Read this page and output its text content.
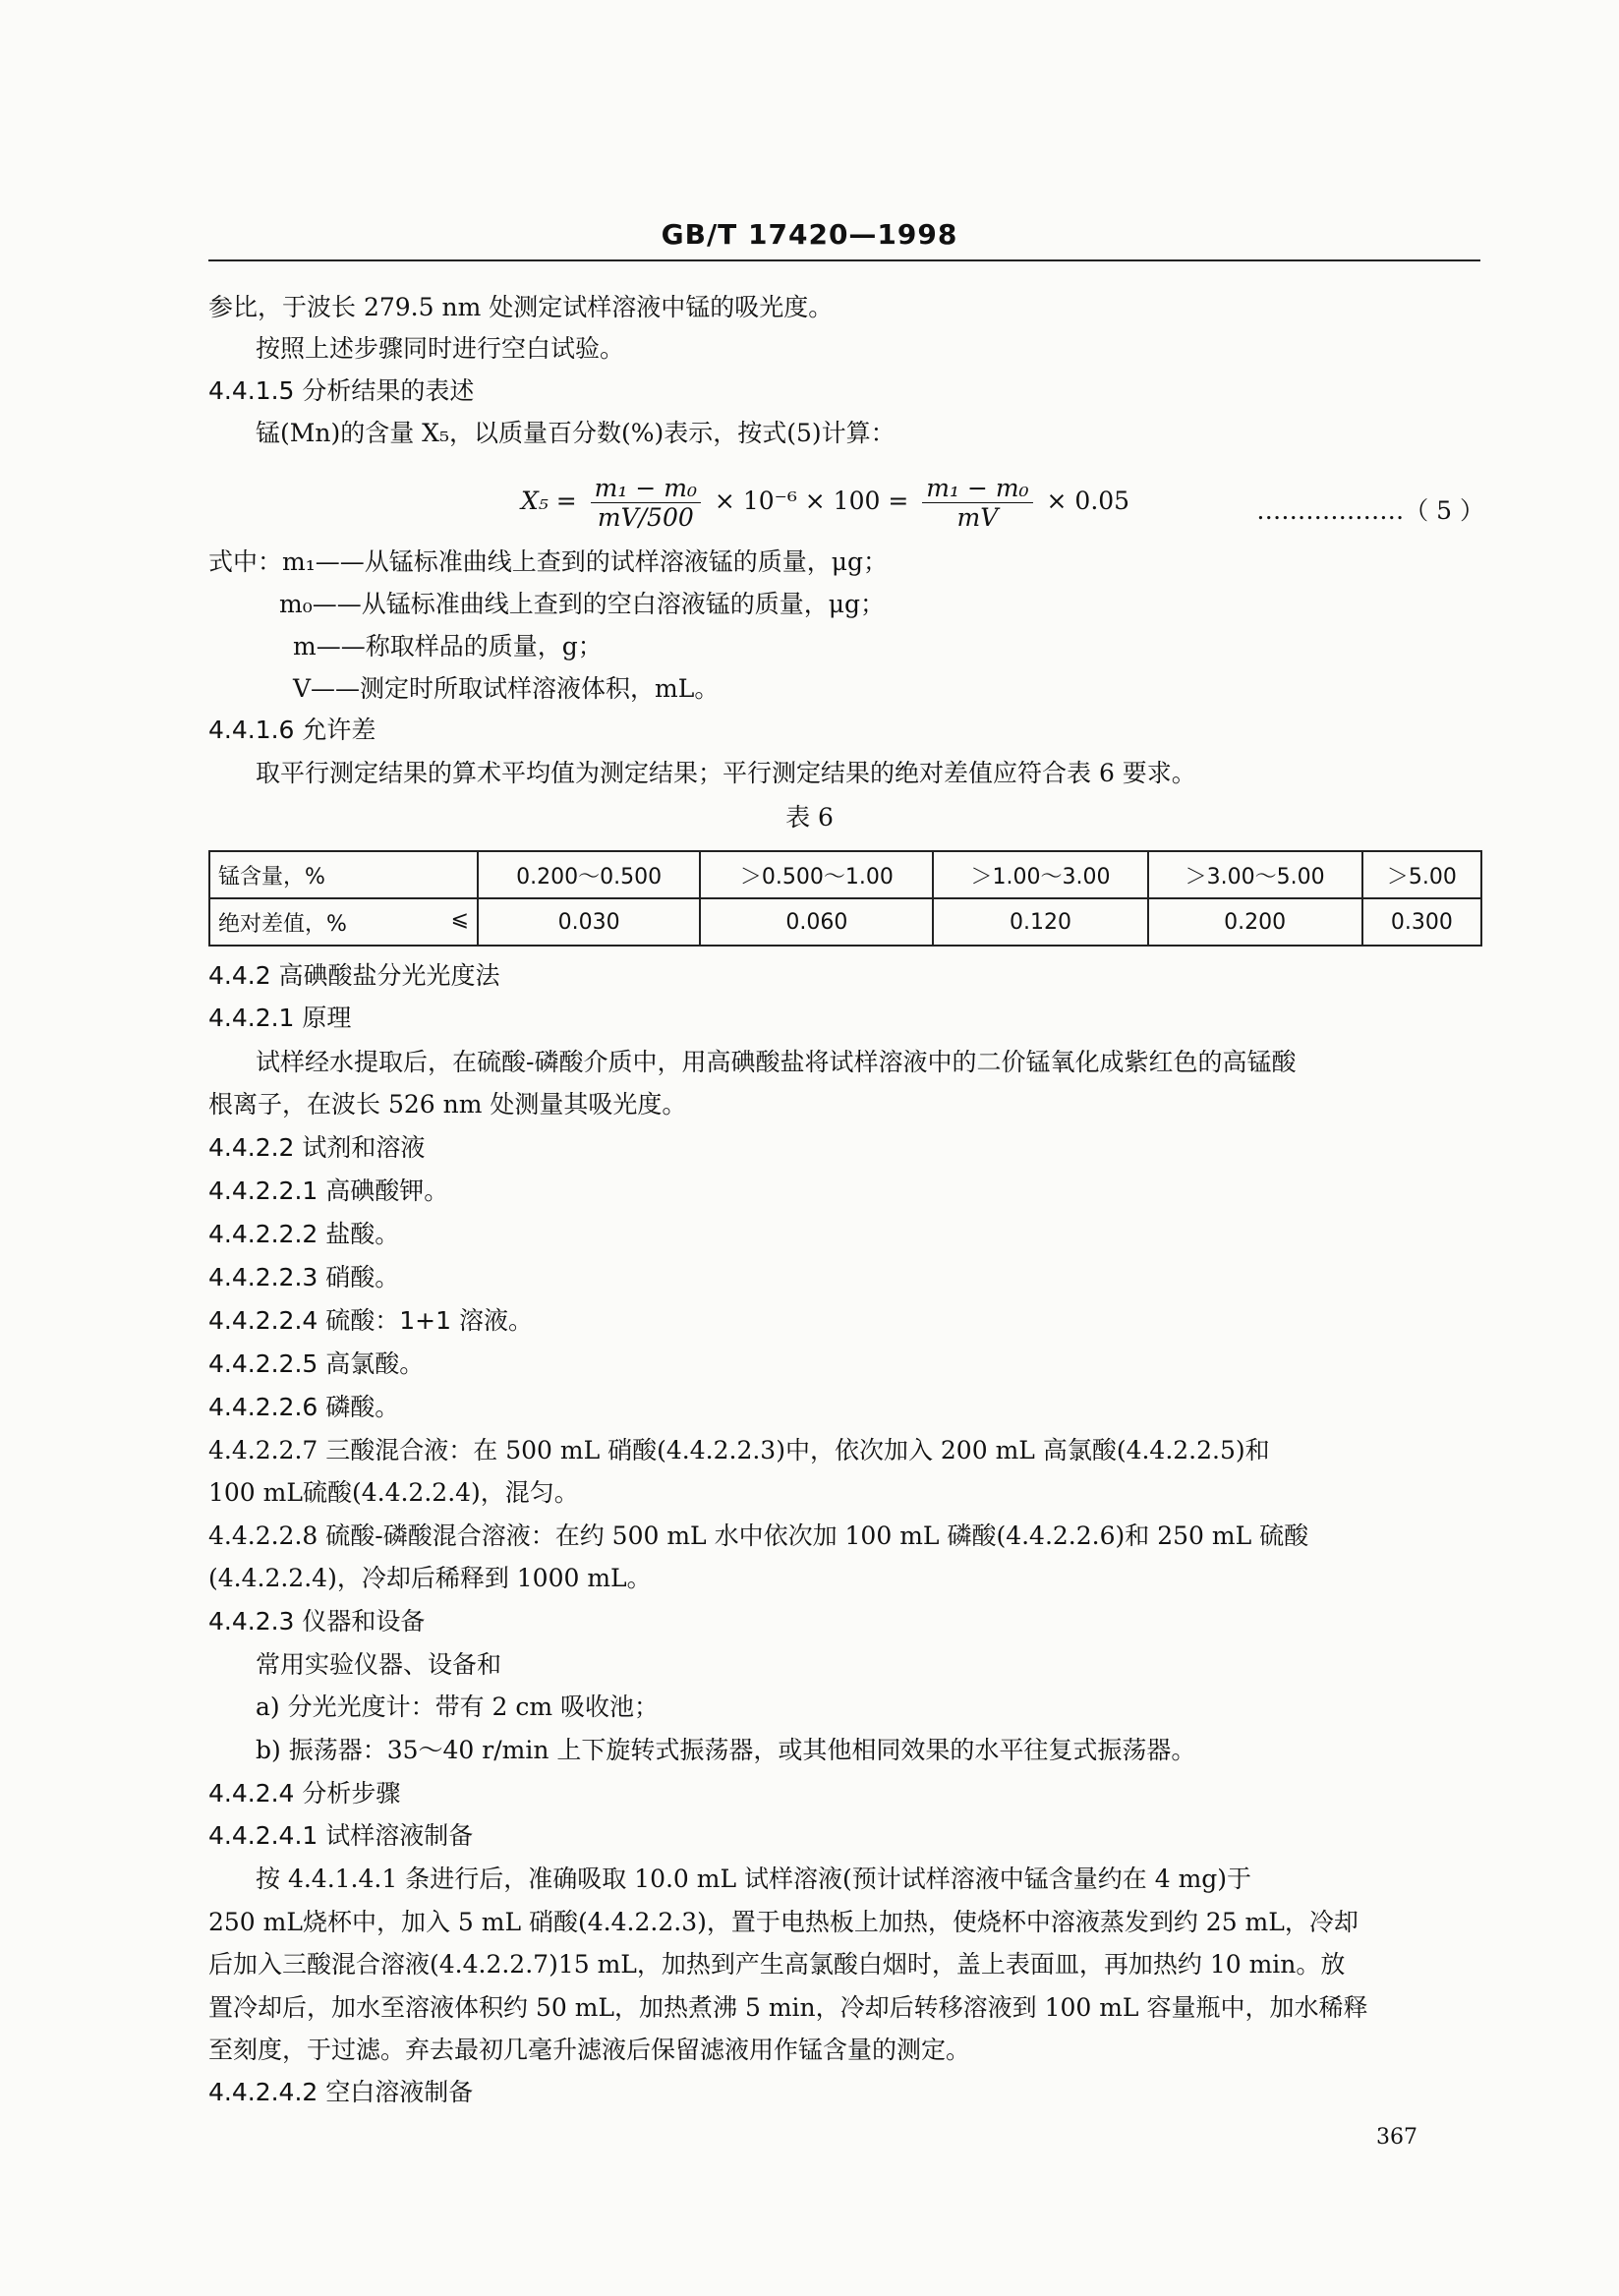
GB/T 17420—1998
参比，于波长 279.5 nm 处测定试样溶液中锰的吸光度。
按照上述步骤同时进行空白试验。
4.4.1.5 分析结果的表述
锰(Mn)的含量 X₅，以质量百分数(%)表示，按式(5)计算：
$X_5 = \frac{\text{m₁ − m₀}}{mV/500} \times 10^{-6} \times 100 = \frac{\text{m₁ − m₀}}{mV} \times 0.05$	………………（ 5 ）
式中：m₁——从锰标准曲线上查到的试样溶液锰的质量，μg；
m₀——从锰标准曲线上查到的空白溶液锰的质量，μg；
m——称取样品的质量，g；
V——测定时所取试样溶液体积，mL。
4.4.1.6 允许差
取平行测定结果的算术平均值为测定结果；平行测定结果的绝对差值应符合表 6 要求。
表 6
锰含量，%	0.200～0.500	＞0.500～1.00	＞1.00～3.00	＞3.00～5.00	＞5.00
绝对差值，% ⩽	0.030	0.060	0.120	0.200	0.300
4.4.2 高碘酸盐分光光度法
4.4.2.1 原理
试样经水提取后，在硫酸-磷酸介质中，用高碘酸盐将试样溶液中的二价锰氧化成紫红色的高锰酸
根离子，在波长 526 nm 处测量其吸光度。
4.4.2.2 试剂和溶液
4.4.2.2.1 高碘酸钾。
4.4.2.2.2 盐酸。
4.4.2.2.3 硝酸。
4.4.2.2.4 硫酸：1+1 溶液。
4.4.2.2.5 高氯酸。
4.4.2.2.6 磷酸。
4.4.2.2.7 三酸混合液：在 500 mL 硝酸(4.4.2.2.3)中，依次加入 200 mL 高氯酸(4.4.2.2.5)和
100 mL硫酸(4.4.2.2.4)，混匀。
4.4.2.2.8 硫酸-磷酸混合溶液：在约 500 mL 水中依次加 100 mL 磷酸(4.4.2.2.6)和 250 mL 硫酸
(4.4.2.2.4)，冷却后稀释到 1000 mL。
4.4.2.3 仪器和设备
常用实验仪器、设备和
a) 分光光度计：带有 2 cm 吸收池；
b) 振荡器：35～40 r/min 上下旋转式振荡器，或其他相同效果的水平往复式振荡器。
4.4.2.4 分析步骤
4.4.2.4.1 试样溶液制备
按 4.4.1.4.1 条进行后，准确吸取 10.0 mL 试样溶液(预计试样溶液中锰含量约在 4 mg)于
250 mL烧杯中，加入 5 mL 硝酸(4.4.2.2.3)，置于电热板上加热，使烧杯中溶液蒸发到约 25 mL，冷却
后加入三酸混合溶液(4.4.2.2.7)15 mL，加热到产生高氯酸白烟时，盖上表面皿，再加热约 10 min。放
置冷却后，加水至溶液体积约 50 mL，加热煮沸 5 min，冷却后转移溶液到 100 mL 容量瓶中，加水稀释
至刻度，于过滤。弃去最初几毫升滤液后保留滤液用作锰含量的测定。
4.4.2.4.2 空白溶液制备
367
